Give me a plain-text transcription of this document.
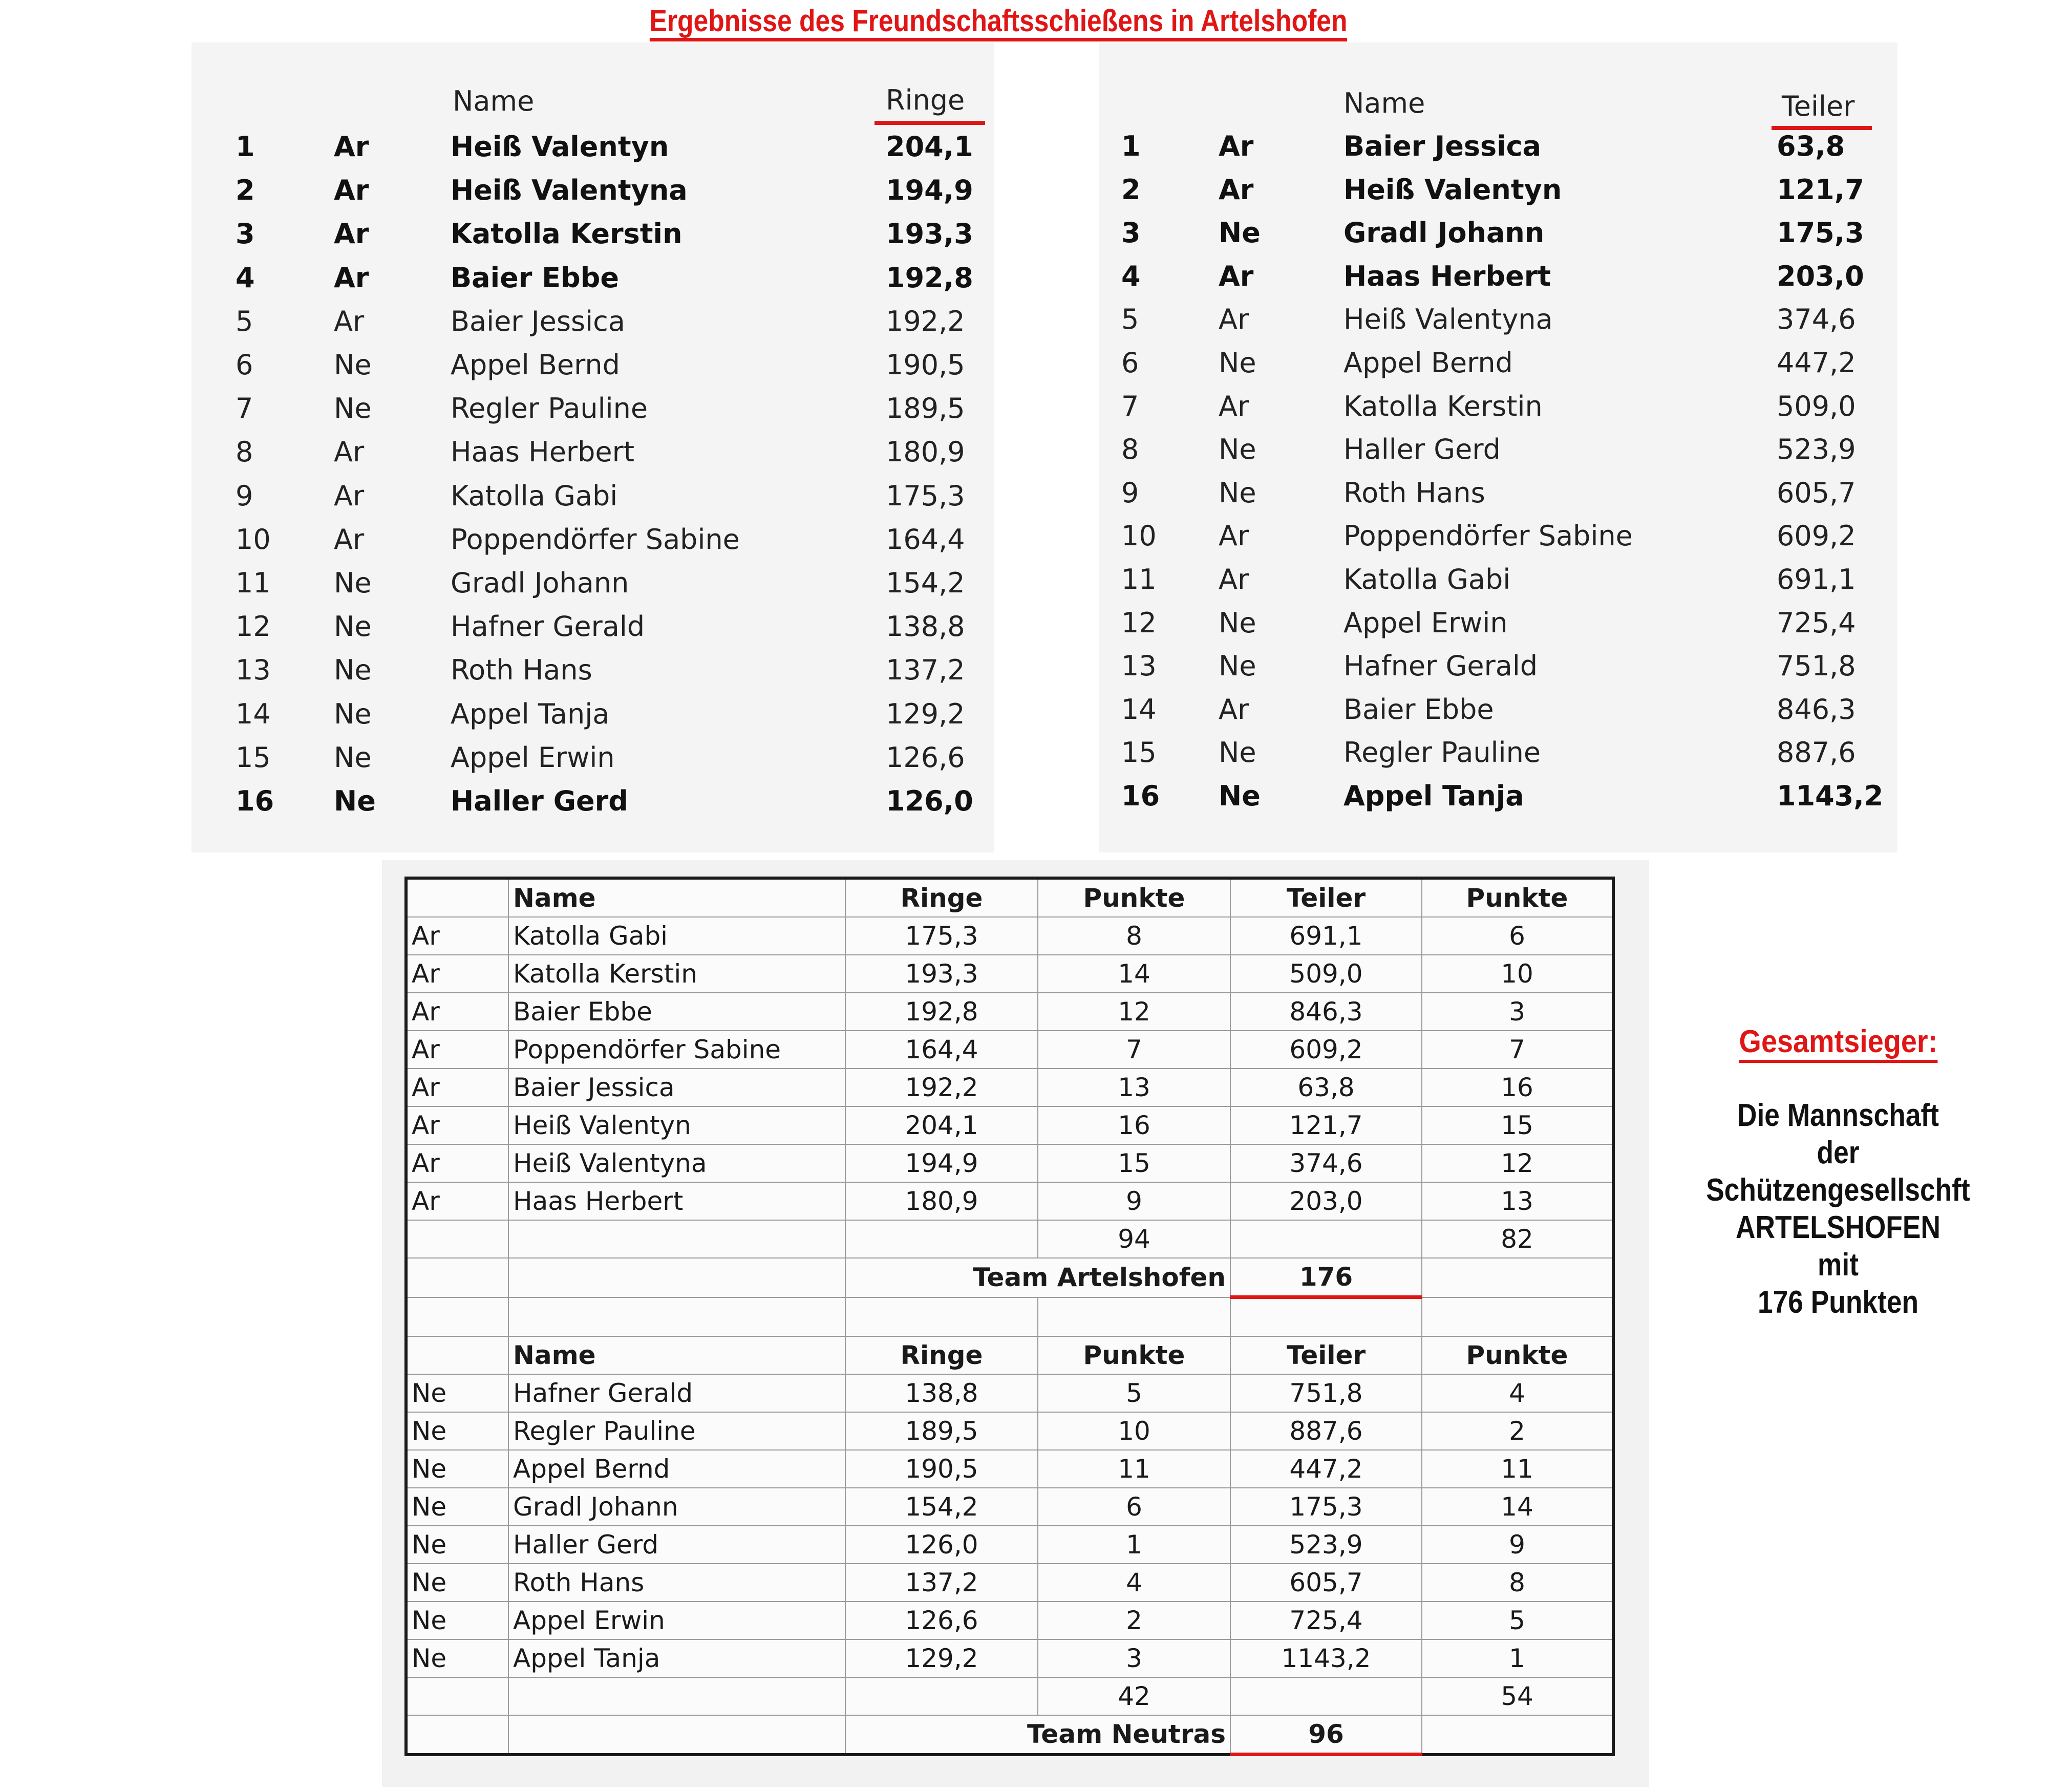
Ergebnisse des Freundschaftsschießens in Artelshofen
Name	Ringe
1	Ar	Heiß Valentyn	204,1
2	Ar	Heiß Valentyna	194,9
3	Ar	Katolla Kerstin	193,3
4	Ar	Baier Ebbe	192,8
5	Ar	Baier Jessica	192,2
6	Ne	Appel Bernd	190,5
7	Ne	Regler Pauline	189,5
8	Ar	Haas Herbert	180,9
9	Ar	Katolla Gabi	175,3
10 Ar	Poppendörfer Sabine	164,4
11 Ne	Gradl Johann	154,2
12 Ne	Hafner Gerald	138,8
13 Ne	Roth Hans	137,2
14 Ne	Appel Tanja	129,2
15 Ne	Appel Erwin	126,6
16 Ne	Haller Gerd	126,0
Name	Teiler
1	Ar	Baier Jessica	63,8
2	Ar	Heiß Valentyn	121,7
3	Ne	Gradl Johann	175,3
4	Ar	Haas Herbert	203,0
5	Ar	Heiß Valentyna	374,6
6	Ne	Appel Bernd	447,2
7	Ar	Katolla Kerstin	509,0
8	Ne	Haller Gerd	523,9
9	Ne	Roth Hans	605,7
10 Ar	Poppendörfer Sabine	609,2
11 Ar	Katolla Gabi	691,1
12 Ne	Appel Erwin	725,4
13 Ne	Hafner Gerald	751,8
14 Ar	Baier Ebbe	846,3
15 Ne	Regler Pauline	887,6
16 Ne	Appel Tanja	1143,2
	Name	Ringe	Punkte	Teiler	Punkte
Ar	Katolla Gabi	175,3	8	691,1	6
Ar	Katolla Kerstin	193,3	14	509,0	10
Ar	Baier Ebbe	192,8	12	846,3	3
Ar	Poppendörfer Sabine	164,4	7	609,2	7
Ar	Baier Jessica	192,2	13	63,8	16
Ar	Heiß Valentyn	204,1	16	121,7	15
Ar	Heiß Valentyna	194,9	15	374,6	12
Ar	Haas Herbert	180,9	9	203,0	13
			94		82
		Team Artelshofen		176	

	Name	Ringe	Punkte	Teiler	Punkte
Ne	Hafner Gerald	138,8	5	751,8	4
Ne	Regler Pauline	189,5	10	887,6	2
Ne	Appel Bernd	190,5	11	447,2	11
Ne	Gradl Johann	154,2	6	175,3	14
Ne	Haller Gerd	126,0	1	523,9	9
Ne	Roth Hans	137,2	4	605,7	8
Ne	Appel Erwin	126,6	2	725,4	5
Ne	Appel Tanja	129,2	3	1143,2	1
			42		54
		Team Neutras		96	
Gesamtsieger:
Die Mannschaft
der
Schützengesellschft
ARTELSHOFEN
mit
176 Punkten
